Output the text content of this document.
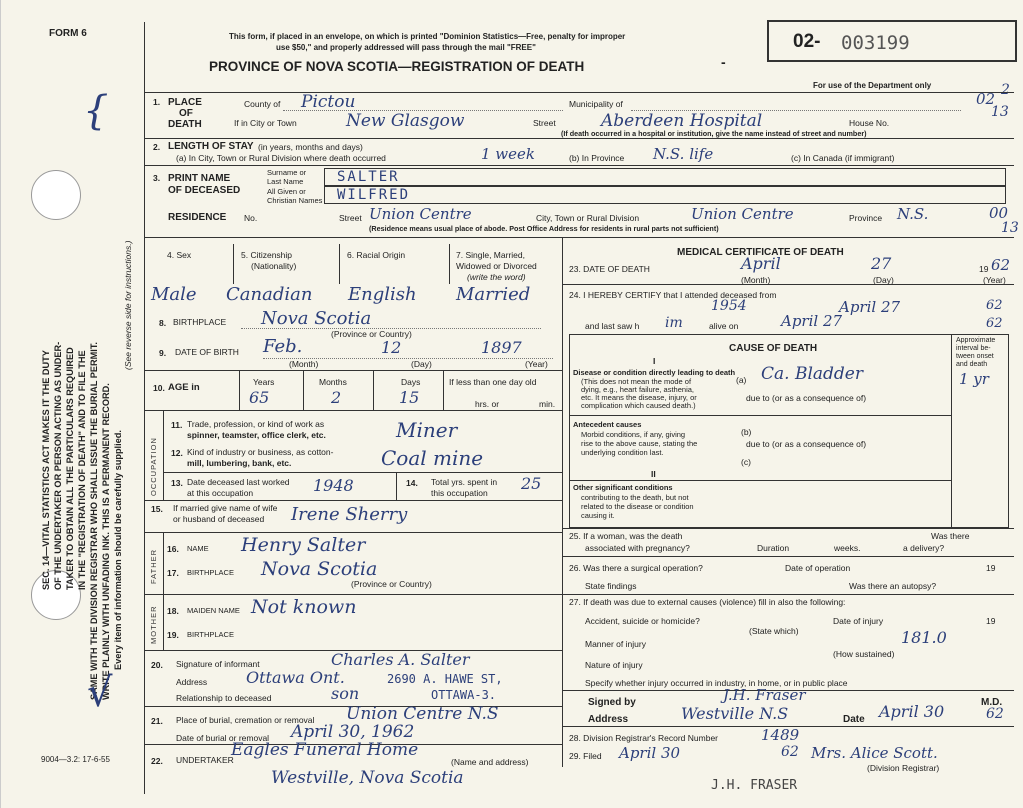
FORM 6
SEC. 14—VITAL STATISTICS ACT MAKES IT THE DUTY OF THE UNDERTAKER OR PERSON ACTING AS UNDER- TAKER TO OBTAIN ALL THE PARTICULARS REQUIRED IN THE "REGISTRATION OF DEATH" AND TO FILE THE SAME WITH THE DIVISION REGISTRAR WHO SHALL ISSUE THE BURIAL PERMIT. WRITE PLAINLY WITH UNFADING INK. THIS IS A PERMANENT RECORD. Every item of information should be carefully supplied.
(See reverse side for instructions.)
9004—3.2: 17-6-55
{
√
This form, if placed in an envelope, on which is printed "Dominion Statistics—Free, penalty for improper
use $50," and properly addressed will pass through the mail "FREE"
PROVINCE OF NOVA SCOTIA—REGISTRATION OF DEATH	-
02- 003199
For use of the Department only
02 2
13
00
13
1. PLACE
OF
DEATH
County of Pictou	Municipality of
If in City or Town	New Glasgow	Street	Aberdeen Hospital	House No.
(If death occurred in a hospital or institution, give the name instead of street and number)
2. LENGTH OF STAY (in years, months and days)
(a) In City, Town or Rural Division where death occurred	1 week	(b) In Province N.S. life	(c) In Canada (if immigrant)
3. PRINT NAME
OF DECEASED
Surname or
Last Name SALTER
All Given or
Christian Names WILFRED
RESIDENCE No.	Street Union Centre	City, Town or Rural Division	Union Centre	Province N.S.
(Residence means usual place of abode. Post Office Address for residents in rural parts not sufficient)
4. Sex	5. Citizenship
(Nationality)
6. Racial Origin	7. Single, Married,
Widowed or Divorced
(write the word)
Male Canadian English Married
8. BIRTHPLACE Nova Scotia
(Province or Country)
9. DATE OF BIRTH Feb.	12	1897
(Month)	(Day)	(Year)
10. AGE in	Years
65
Months
2
Days
15
If less than one day old
hrs. or	min.
OCCUPATION
11. Trade, profession, or kind of work as
spinner, teamster, office clerk, etc.	Miner
12. Kind of industry or business, as cotton-
mill, lumbering, bank, etc.	Coal mine
13. Date deceased last worked
at this occupation	1948	14. Total yrs. spent in
this occupation 25
15. If married give name of wife
or husband of deceased Irene Sherry
FATHER 16. NAME Henry Salter
17. BIRTHPLACE Nova Scotia
(Province or Country)
MOTHER 18. MAIDEN NAME Not known
19. BIRTHPLACE
20. Signature of informant	Charles A. Salter
Address Ottawa Ont.	2690 A. HAWE ST,
OTTAWA-3.
Relationship to deceased	son
21. Place of burial, cremation or removal Union Centre N.S
Date of burial or removal April 30, 1962
22. UNDERTAKER
Eagles Funeral Home
(Name and address)
Westville, Nova Scotia
MEDICAL CERTIFICATE OF DEATH
23. DATE OF DEATH	April	27	19 62
(Month)	(Day)	(Year)
24. I HEREBY CERTIFY that I attended deceased from
1954	April 27	62
and last saw h im	alive on	April 27	62
CAUSE OF DEATH
I
Approximate
interval be-
tween onset
and death
Disease or condition directly leading to death
(This does not mean the mode of
dying, e.g., heart failure, asthenia,
etc. It means the disease, injury, or
complication which caused death.)
(a) Ca. Bladder	1 yr
due to (or as a consequence of)
Antecedent causes
Morbid conditions, if any, giving
rise to the above cause, stating the
underlying condition last.
(b)
due to (or as a consequence of)
(c)
II
Other significant conditions
contributing to the death, but not
related to the disease or condition
causing it.
25. If a woman, was the death
associated with pregnancy?	Duration	weeks.
Was there
a delivery?
26. Was there a surgical operation?	Date of operation	19
State findings	Was there an autopsy?
27. If death was due to external causes (violence) fill in also the following:
Accident, suicide or homicide?	Date of injury	19
(State which)
Manner of injury	181.0
(How sustained)
Nature of injury
Specify whether injury occurred in industry, in home, or in public place
Signed by	J.H. Fraser	M.D.
Address	Westville N.S	Date April 30	62
28. Division Registrar's Record Number	1489
29. Filed April 30	62 Mrs. Alice Scott.
(Division Registrar)
J.H. FRASER
